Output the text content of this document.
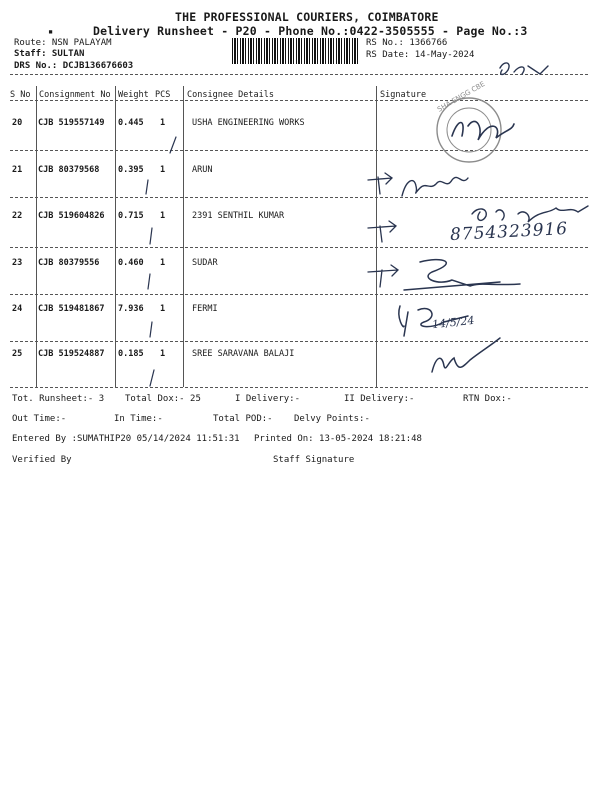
THE PROFESSIONAL COURIERS, COIMBATORE
▪	Delivery Runsheet - P20 - Phone No.:0422-3505555 - Page No.:3
Route: NSN PALAYAM
Staff: SULTAN
DRS No.: DCJB136676603
RS No.: 1366766
RS Date: 14-May-2024
S No Consignment No Weight PCS Consignee Details	Signature
20 CJB 519557149 0.445 1	USHA ENGINEERING WORKS
21 CJB 80379568 0.395 1	ARUN
22 CJB 519604826 0.715 1	2391 SENTHIL KUMAR
23 CJB 80379556 0.460 1	SUDAR
24 CJB 519481867 7.936 1	FERMI
25 CJB 519524887 0.185 1	SREE SARAVANA BALAJI
SHA ENGG CBE
8754323916
14/5/24
Tot. Runsheet:- 3 Total Dox:- 25	I Delivery:-	II Delivery:-	RTN Dox:-
Out Time:-	In Time:-	Total POD:- Delvy Points:-
Entered By :SUMATHIP20 05/14/2024 11:51:31 Printed On: 13-05-2024 18:21:48
Verified By	Staff Signature
